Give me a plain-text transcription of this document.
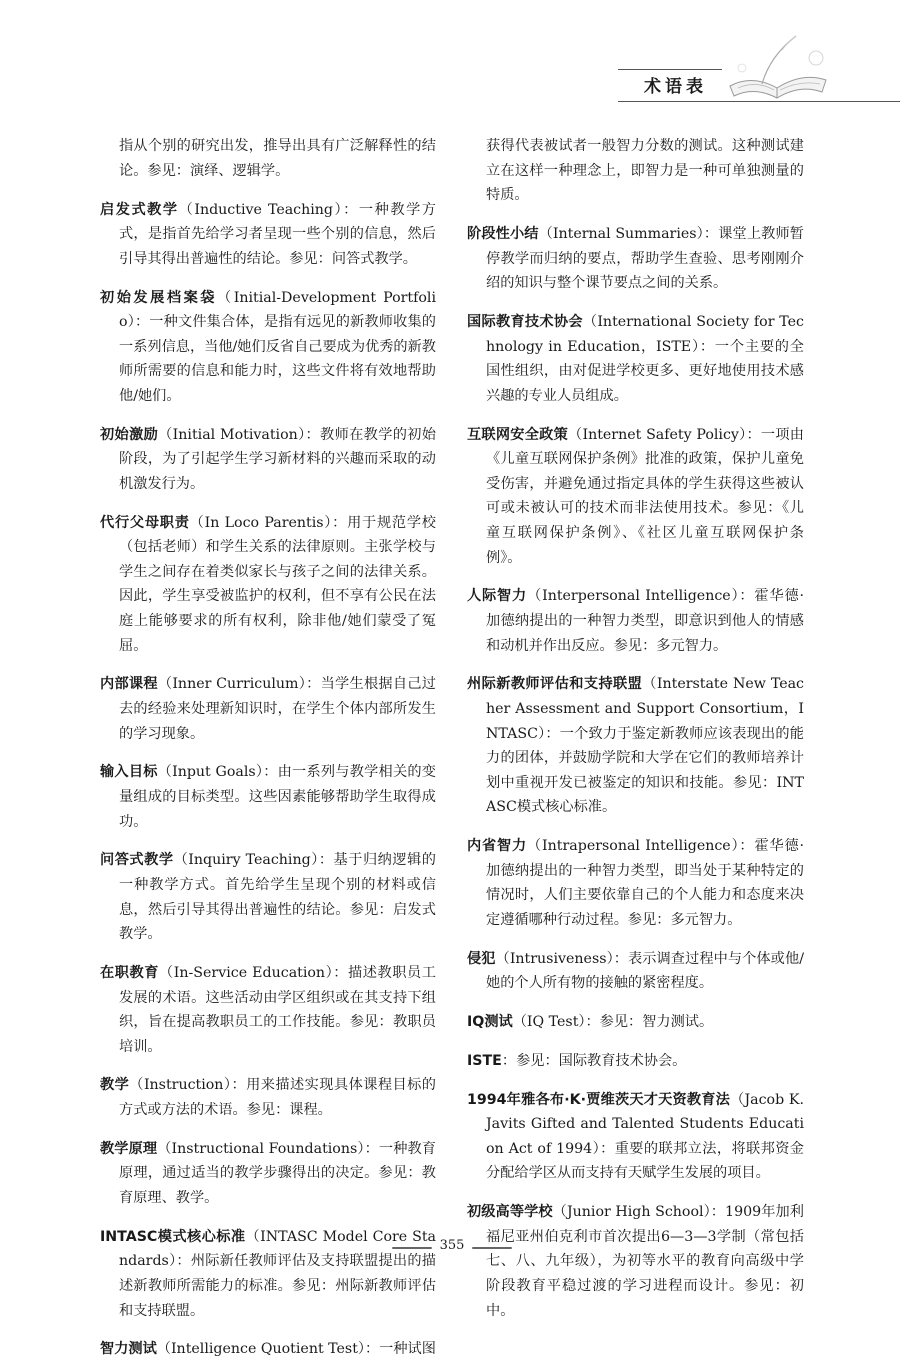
术语表

指从个别的研究出发，推导出具有广泛解释性的结论。参见：演绎、逻辑学。

启发式教学（Inductive Teaching）：一种教学方式，是指首先给学习者呈现一些个别的信息，然后引导其得出普遍性的结论。参见：问答式教学。

初始发展档案袋（Initial-Development Portfolio）：一种文件集合体，是指有远见的新教师收集的一系列信息，当他/她们反省自己要成为优秀的新教师所需要的信息和能力时，这些文件将有效地帮助他/她们。

初始激励（Initial Motivation）：教师在教学的初始阶段，为了引起学生学习新材料的兴趣而采取的动机激发行为。

代行父母职责（In Loco Parentis）：用于规范学校（包括老师）和学生关系的法律原则。主张学校与学生之间存在着类似家长与孩子之间的法律关系。因此，学生享受被监护的权利，但不享有公民在法庭上能够要求的所有权利，除非他/她们蒙受了冤屈。

内部课程（Inner Curriculum）：当学生根据自己过去的经验来处理新知识时，在学生个体内部所发生的学习现象。

输入目标（Input Goals）：由一系列与教学相关的变量组成的目标类型。这些因素能够帮助学生取得成功。

问答式教学（Inquiry Teaching）：基于归纳逻辑的一种教学方式。首先给学生呈现个别的材料或信息，然后引导其得出普遍性的结论。参见：启发式教学。

在职教育（In-Service Education）：描述教职员工发展的术语。这些活动由学区组织或在其支持下组织，旨在提高教职员工的工作技能。参见：教职员培训。

教学（Instruction）：用来描述实现具体课程目标的方式或方法的术语。参见：课程。

教学原理（Instructional Foundations）：一种教育原理，通过适当的教学步骤得出的决定。参见：教育原理、教学。

INTASC模式核心标准（INTASC Model Core Standards）：州际新任教师评估及支持联盟提出的描述新教师所需能力的标准。参见：州际新教师评估和支持联盟。

智力测试（Intelligence Quotient Test）：一种试图

获得代表被试者一般智力分数的测试。这种测试建立在这样一种理念上，即智力是一种可单独测量的特质。

阶段性小结（Internal Summaries）：课堂上教师暂停教学而归纳的要点，帮助学生查验、思考刚刚介绍的知识与整个课节要点之间的关系。

国际教育技术协会（International Society for Technology in Education，ISTE）：一个主要的全国性组织，由对促进学校更多、更好地使用技术感兴趣的专业人员组成。

互联网安全政策（Internet Safety Policy）：一项由《儿童互联网保护条例》批准的政策，保护儿童免受伤害，并避免通过指定具体的学生获得这些被认可或未被认可的技术而非法使用技术。参见：《儿童互联网保护条例》、《社区儿童互联网保护条例》。

人际智力（Interpersonal Intelligence）：霍华德·加德纳提出的一种智力类型，即意识到他人的情感和动机并作出反应。参见：多元智力。

州际新教师评估和支持联盟（Interstate New Teacher Assessment and Support Consortium，INTASC）：一个致力于鉴定新教师应该表现出的能力的团体，并鼓励学院和大学在它们的教师培养计划中重视开发已被鉴定的知识和技能。参见：INTASC模式核心标准。

内省智力（Intrapersonal Intelligence）：霍华德·加德纳提出的一种智力类型，即当处于某种特定的情况时，人们主要依靠自己的个人能力和态度来决定遵循哪种行动过程。参见：多元智力。

侵犯（Intrusiveness）：表示调查过程中与个体或他/她的个人所有物的接触的紧密程度。

IQ测试（IQ Test）：参见：智力测试。

ISTE：参见：国际教育技术协会。

1994年雅各布·K·贾维茨天才天资教育法（Jacob K. Javits Gifted and Talented Students Education Act of 1994）：重要的联邦立法，将联邦资金分配给学区从而支持有天赋学生发展的项目。

初级高等学校（Junior High School）：1909年加利福尼亚州伯克利市首次提出6—3—3学制（常包括七、八、九年级），为初等水平的教育向高级中学阶段教育平稳过渡的学习进程而设计。参见：初中。

355
